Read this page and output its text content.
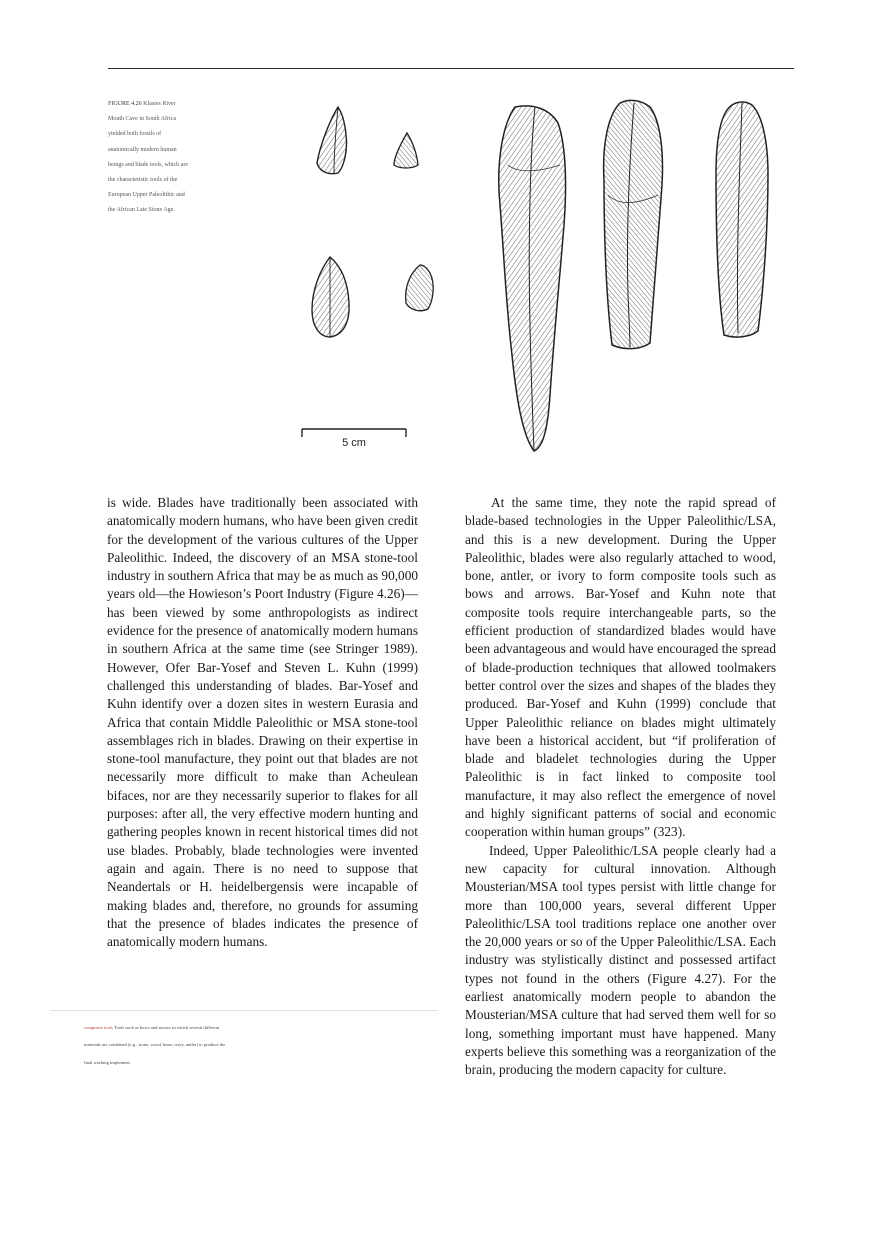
FIGURE 4.26 Klasies River Mouth Cave in South Africa yielded both fossils of anatomically modern human beings and blade tools, which are the characteristic tools of the European Upper Paleolithic and the African Late Stone Age.
5 cm

is wide. Blades have traditionally been associated with anatomically modern humans, who have been given credit for the development of the various cultures of the Upper Paleolithic. Indeed, the discovery of an MSA stone-tool industry in southern Africa that may be as much as 90,000 years old—the Howieson’s Poort Industry (Figure 4.26)—has been viewed by some anthropologists as indirect evidence for the presence of anatomically modern humans in southern Africa at the same time (see Stringer 1989). However, Ofer Bar-Yosef and Steven L. Kuhn (1999) challenged this understanding of blades. Bar-Yosef and Kuhn identify over a dozen sites in western Eurasia and Africa that contain Middle Paleolithic or MSA stone-tool assemblages rich in blades. Drawing on their expertise in stone-tool manufacture, they point out that blades are not necessarily more difficult to make than Acheulean bifaces, nor are they necessarily superior to flakes for all purposes: after all, the very effective modern hunting and gathering peoples known in recent historical times did not use blades. Probably, blade technologies were invented again and again. There is no need to suppose that Neandertals or H. heidelbergensis were incapable of making blades and, therefore, no grounds for assuming that the presence of blades indicates the presence of anatomically modern humans.

At the same time, they note the rapid spread of blade-based technologies in the Upper Paleolithic/LSA, and this is a new development. During the Upper Paleolithic, blades were also regularly attached to wood, bone, antler, or ivory to form composite tools such as bows and arrows. Bar-Yosef and Kuhn note that composite tools require interchangeable parts, so the efficient production of standardized blades would have been advantageous and would have encouraged the spread of blade-production techniques that allowed toolmakers better control over the sizes and shapes of the blades they produced. Bar-Yosef and Kuhn (1999) conclude that Upper Paleolithic reliance on blades might ultimately have been a historical accident, but “if proliferation of blade and bladelet technologies during the Upper Paleolithic is in fact linked to composite tool manufacture, it may also reflect the emergence of novel and highly significant patterns of social and economic cooperation within human groups” (323).

Indeed, Upper Paleolithic/LSA people clearly had a new capacity for cultural innovation. Although Mousterian/MSA tool types persist with little change for more than 100,000 years, several different Upper Paleolithic/LSA tool traditions replace one another over the 20,000 years or so of the Upper Paleolithic/LSA. Each industry was stylistically distinct and possessed artifact types not found in the others (Figure 4.27). For the earliest anatomically modern people to abandon the Mousterian/MSA culture that had served them well for so long, something important must have happened. Many experts believe this something was a reorganization of the brain, producing the modern capacity for culture.

composite tools Tools such as bows and arrows in which several different materials are combined (e.g., stone, wood, bone, ivory, antler) to produce the final working implement.
